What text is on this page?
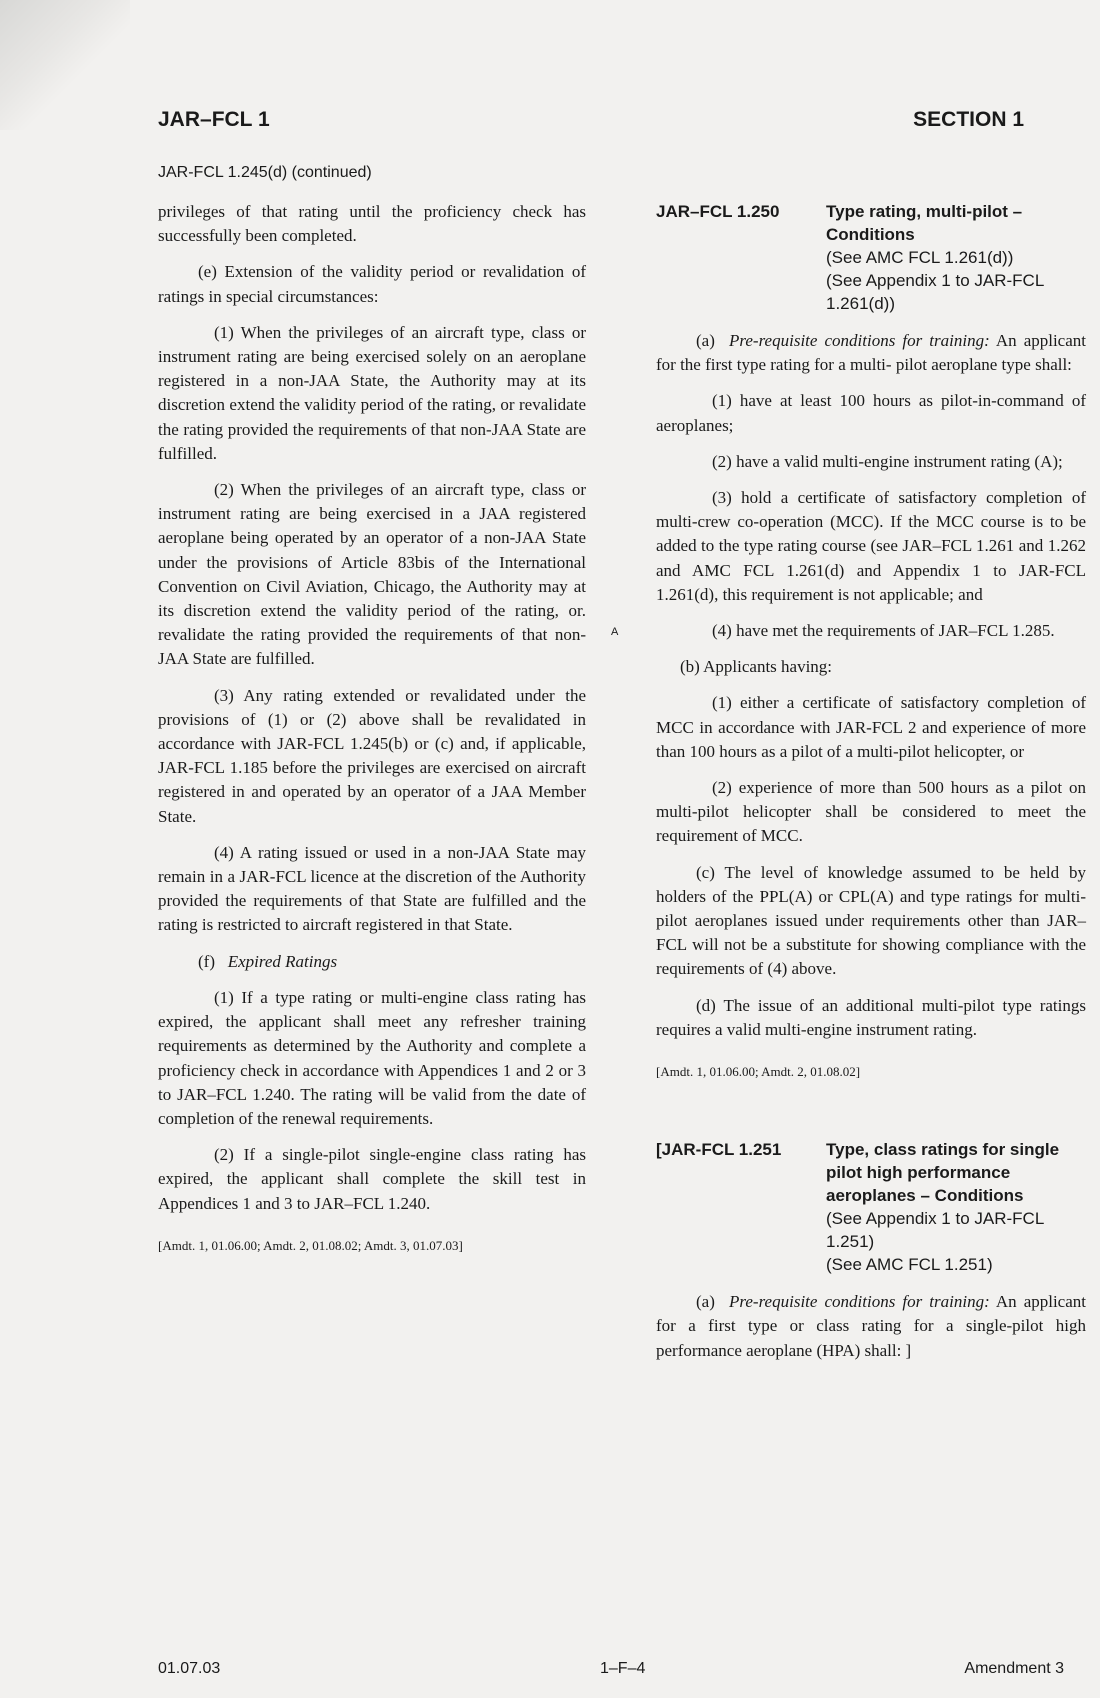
JAR–FCL 1	SECTION 1
JAR-FCL 1.245(d) (continued)

privileges of that rating until the proficiency check has successfully been completed.

(e) Extension of the validity period or revalidation of ratings in special circumstances:

(1) When the privileges of an aircraft type, class or instrument rating are being exercised solely on an aeroplane registered in a non-JAA State, the Authority may at its discretion extend the validity period of the rating, or revalidate the rating provided the requirements of that non-JAA State are fulfilled.

(2) When the privileges of an aircraft type, class or instrument rating are being exercised in a JAA registered aeroplane being operated by an operator of a non-JAA State under the provisions of Article 83bis of the International Convention on Civil Aviation, Chicago, the Authority may at its discretion extend the validity period of the rating, or. revalidate the rating provided the requirements of that non-JAA State are fulfilled.

(3) Any rating extended or revalidated under the provisions of (1) or (2) above shall be revalidated in accordance with JAR-FCL 1.245(b) or (c) and, if applicable, JAR-FCL 1.185 before the privileges are exercised on aircraft registered in and operated by an operator of a JAA Member State.

(4) A rating issued or used in a non-JAA State may remain in a JAR-FCL licence at the discretion of the Authority provided the requirements of that State are fulfilled and the rating is restricted to aircraft registered in that State.

(f) Expired Ratings

(1) If a type rating or multi-engine class rating has expired, the applicant shall meet any refresher training requirements as determined by the Authority and complete a proficiency check in accordance with Appendices 1 and 2 or 3 to JAR–FCL 1.240. The rating will be valid from the date of completion of the renewal requirements.

(2) If a single-pilot single-engine class rating has expired, the applicant shall complete the skill test in Appendices 1 and 3 to JAR–FCL 1.240.

[Amdt. 1, 01.06.00; Amdt. 2, 01.08.02; Amdt. 3, 01.07.03]

A
JAR–FCL 1.250	Type rating, multi-pilot – Conditions
(See AMC FCL 1.261(d))
(See Appendix 1 to JAR-FCL 1.261(d))

(a) Pre-requisite conditions for training: An applicant for the first type rating for a multi- pilot aeroplane type shall:

(1) have at least 100 hours as pilot-in-command of aeroplanes;

(2) have a valid multi-engine instrument rating (A);

(3) hold a certificate of satisfactory completion of multi-crew co-operation (MCC). If the MCC course is to be added to the type rating course (see JAR–FCL 1.261 and 1.262 and AMC FCL 1.261(d) and Appendix 1 to JAR-FCL 1.261(d), this requirement is not applicable; and

(4) have met the requirements of JAR–FCL 1.285.

(b) Applicants having:

(1) either a certificate of satisfactory completion of MCC in accordance with JAR-FCL 2 and experience of more than 100 hours as a pilot of a multi-pilot helicopter, or

(2) experience of more than 500 hours as a pilot on multi-pilot helicopter shall be considered to meet the requirement of MCC.

(c) The level of knowledge assumed to be held by holders of the PPL(A) or CPL(A) and type ratings for multi-pilot aeroplanes issued under requirements other than JAR–FCL will not be a substitute for showing compliance with the requirements of (4) above.

(d) The issue of an additional multi-pilot type ratings requires a valid multi-engine instrument rating.

[Amdt. 1, 01.06.00; Amdt. 2, 01.08.02]

[JAR-FCL 1.251	Type, class ratings for single pilot high performance aeroplanes – Conditions
(See Appendix 1 to JAR-FCL 1.251)
(See AMC FCL 1.251)

(a) Pre-requisite conditions for training: An applicant for a first type or class rating for a single-pilot high performance aeroplane (HPA) shall: ]

01.07.03	1–F–4	Amendment 3
